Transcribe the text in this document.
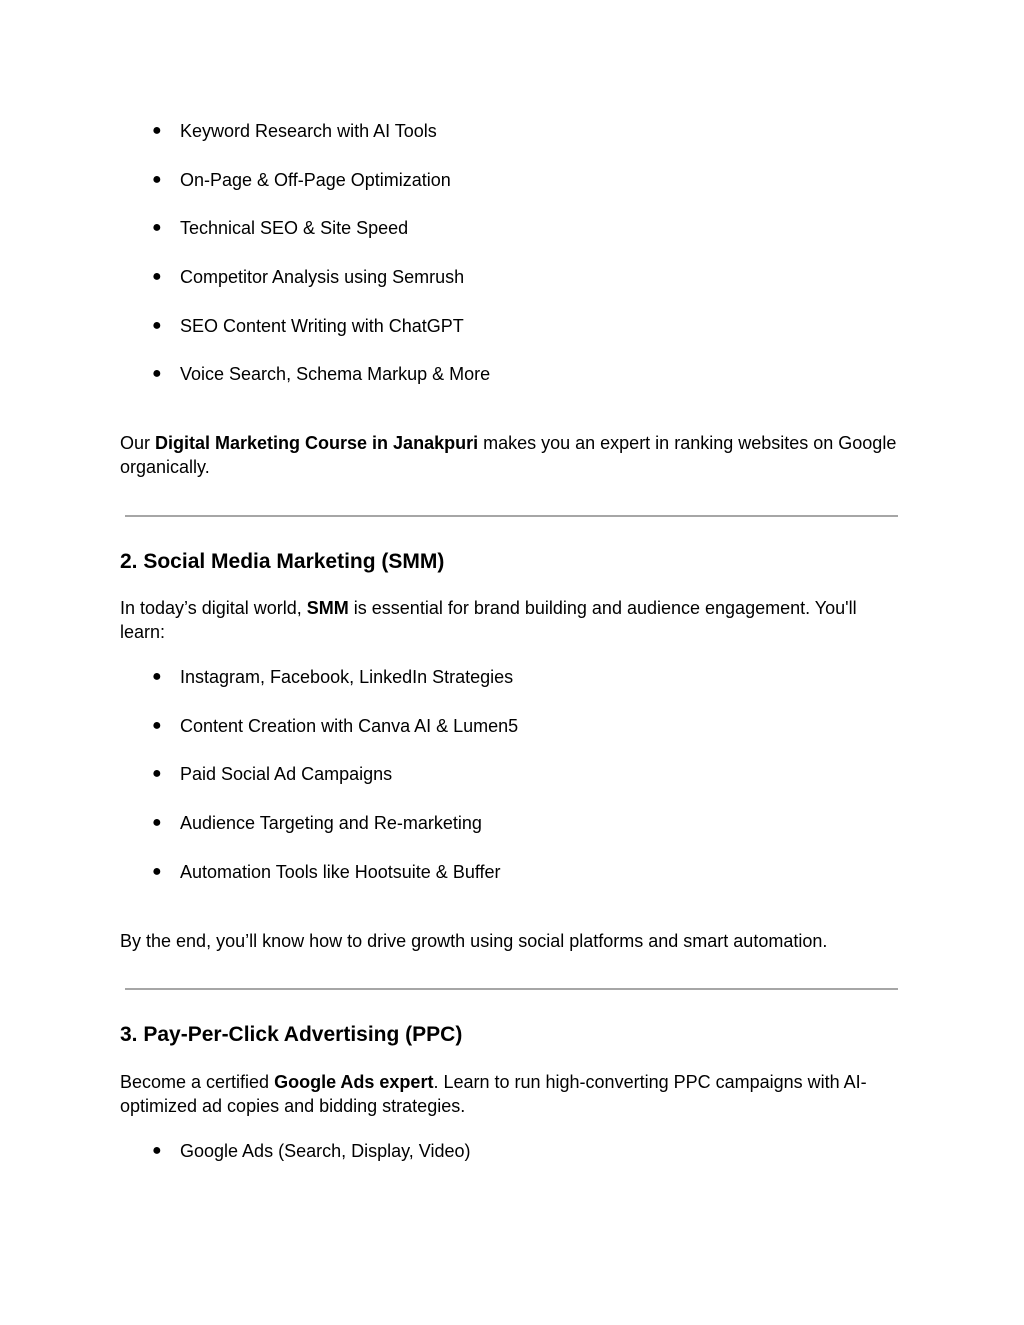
● Keyword Research with AI Tools
● On-Page & Off-Page Optimization
● Technical SEO & Site Speed
● Competitor Analysis using Semrush
● SEO Content Writing with ChatGPT
● Voice Search, Schema Markup & More

Our Digital Marketing Course in Janakpuri makes you an expert in ranking websites on Google organically.

2. Social Media Marketing (SMM)

In today’s digital world, SMM is essential for brand building and audience engagement. You'll learn:

● Instagram, Facebook, LinkedIn Strategies
● Content Creation with Canva AI & Lumen5
● Paid Social Ad Campaigns
● Audience Targeting and Re-marketing
● Automation Tools like Hootsuite & Buffer

By the end, you’ll know how to drive growth using social platforms and smart automation.

3. Pay-Per-Click Advertising (PPC)

Become a certified Google Ads expert. Learn to run high-converting PPC campaigns with AI-optimized ad copies and bidding strategies.

● Google Ads (Search, Display, Video)
